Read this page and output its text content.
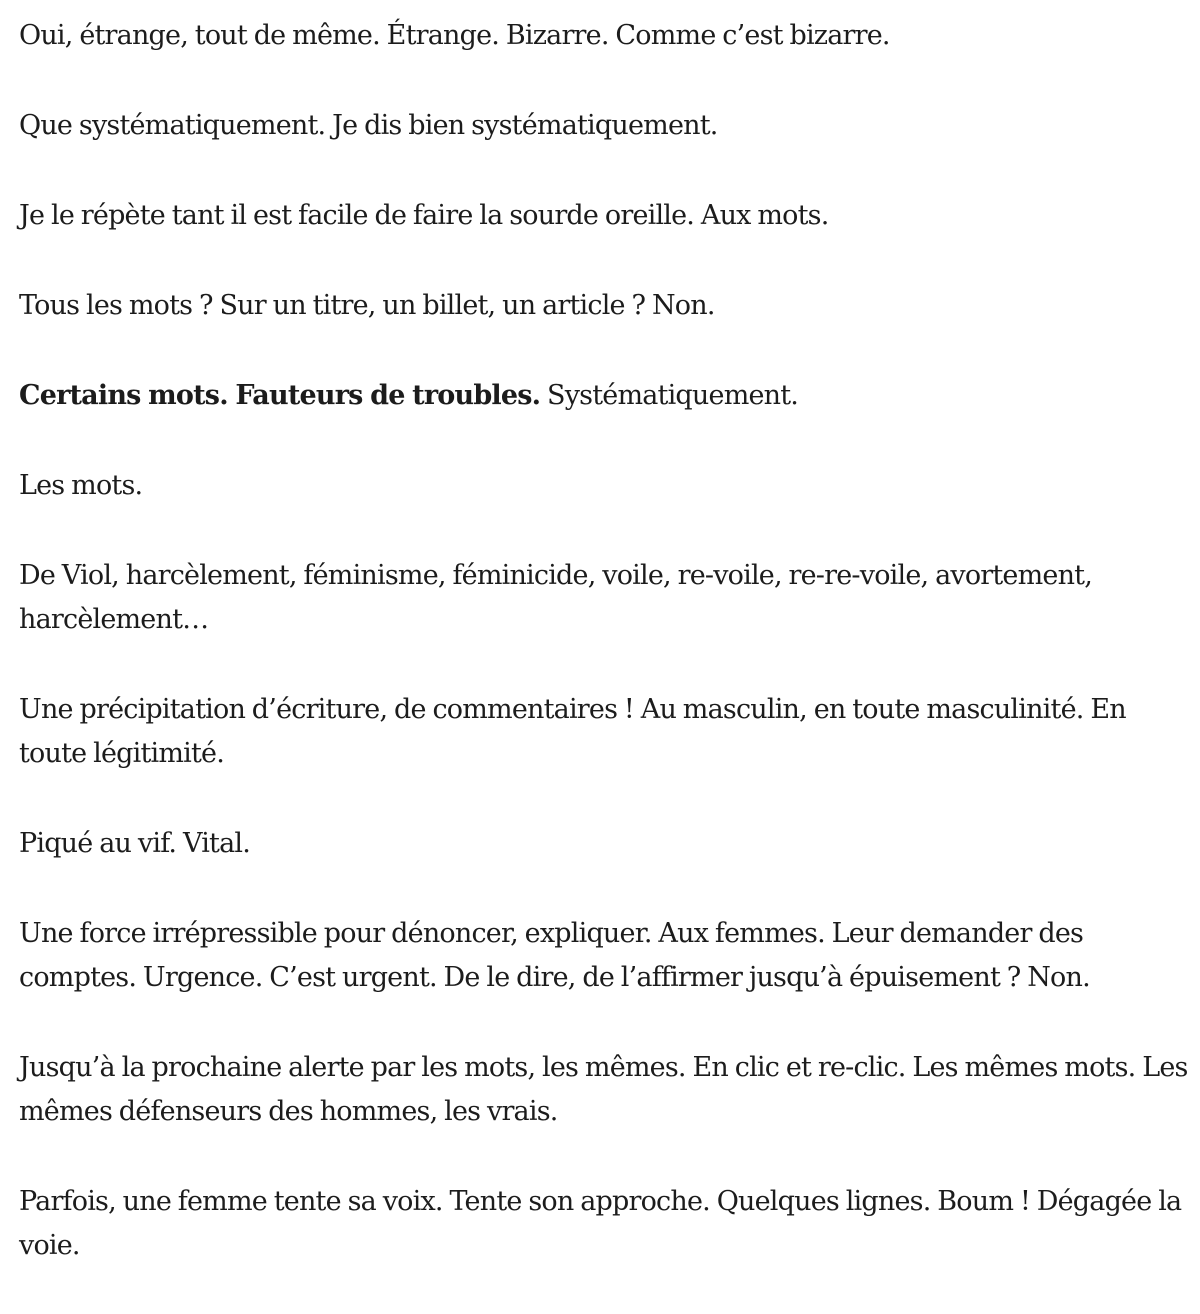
Oui, étrange, tout de même. Étrange. Bizarre. Comme c’est bizarre.

Que systématiquement. Je dis bien systématiquement.

Je le répète tant il est facile de faire la sourde oreille. Aux mots.

Tous les mots ? Sur un titre, un billet, un article ? Non.

Certains mots. Fauteurs de troubles. Systématiquement.

Les mots.

De Viol, harcèlement, féminisme, féminicide, voile, re-voile, re-re-voile, avortement, harcèlement…

Une précipitation d’écriture, de commentaires ! Au masculin, en toute masculinité. En toute légitimité.

Piqué au vif. Vital.

Une force irrépressible pour dénoncer, expliquer. Aux femmes. Leur demander des comptes. Urgence. C’est urgent. De le dire, de l’affirmer jusqu’à épuisement ? Non.

Jusqu’à la prochaine alerte par les mots, les mêmes. En clic et re-clic. Les mêmes mots. Les mêmes défenseurs des hommes, les vrais.

Parfois, une femme tente sa voix. Tente son approche. Quelques lignes. Boum ! Dégagée la voie.
